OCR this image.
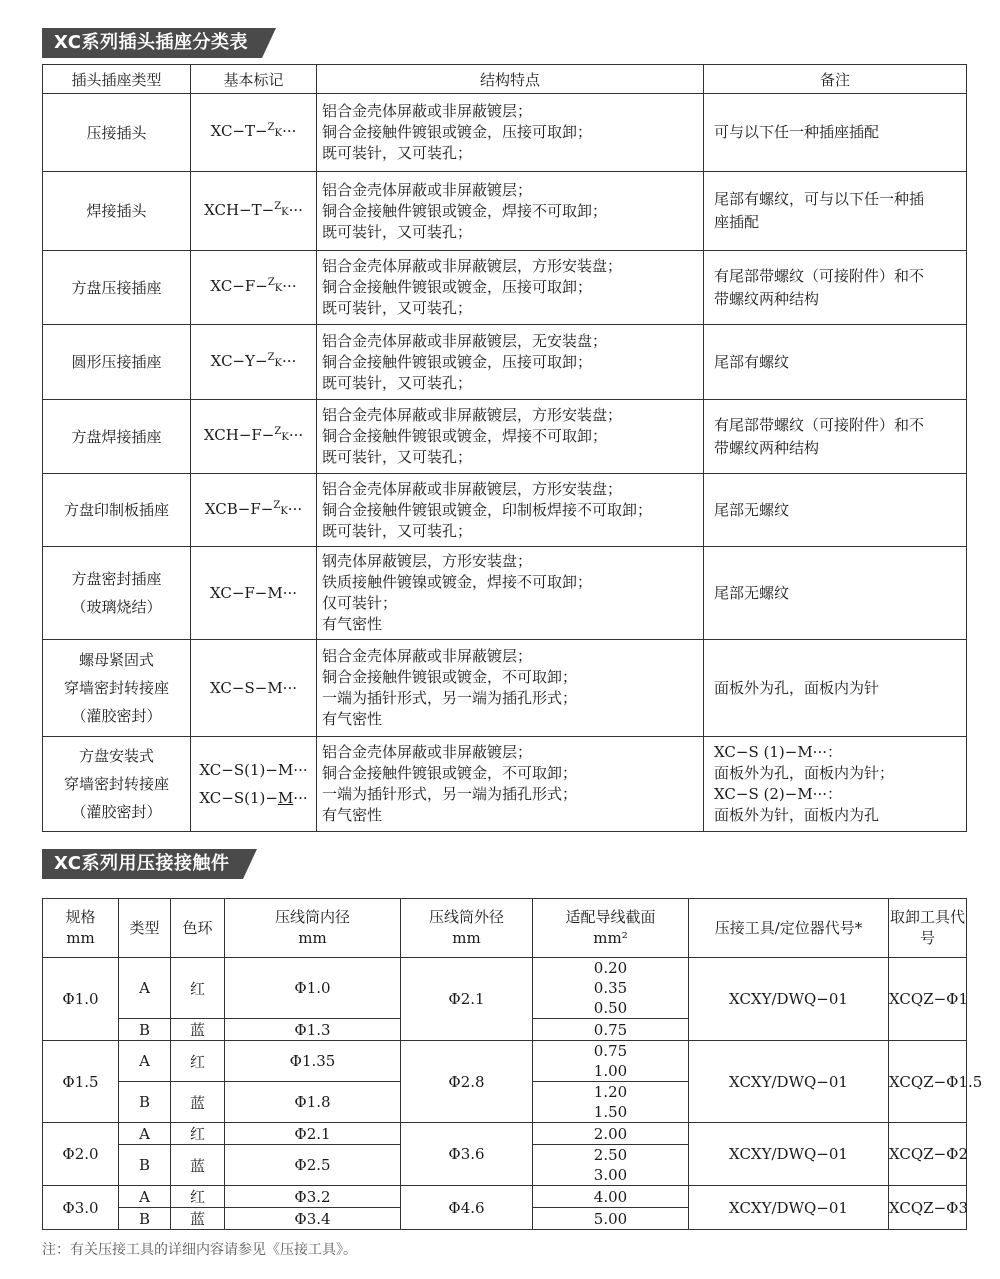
XC系列插头插座分类表
插头插座类型	基本标记	结构特点	备注

压接插头	XC−T−$^Z$K···	铝合金壳体屏蔽或非屏蔽镀层；
铜合金接触件镀银或镀金，压接可取卸；
既可装针，又可装孔；	可与以下任一种插座插配

焊接插头	XCH−T−$^Z$K···	铝合金壳体屏蔽或非屏蔽镀层；
铜合金接触件镀银或镀金，焊接不可取卸；
既可装针，又可装孔；	尾部有螺纹，可与以下任一种插
座插配

方盘压接插座	XC−F−$^Z$K···	铝合金壳体屏蔽或非屏蔽镀层，方形安装盘；
铜合金接触件镀银或镀金，压接可取卸；
既可装针，又可装孔；	有尾部带螺纹（可接附件）和不
带螺纹两种结构

圆形压接插座	XC−Y−$^Z$K···	铝合金壳体屏蔽或非屏蔽镀层，无安装盘；
铜合金接触件镀银或镀金，压接可取卸；
既可装针，又可装孔；	尾部有螺纹

方盘焊接插座	XCH−F−$^Z$K···	铝合金壳体屏蔽或非屏蔽镀层，方形安装盘；
铜合金接触件镀银或镀金，焊接不可取卸；
既可装针，又可装孔；	有尾部带螺纹（可接附件）和不
带螺纹两种结构

方盘印制板插座	XCB−F−$^Z$K···	铝合金壳体屏蔽或非屏蔽镀层，方形安装盘；
铜合金接触件镀银或镀金，印制板焊接不可取卸；
既可装针，又可装孔；	尾部无螺纹

方盘密封插座
（玻璃烧结）	XC−F−M···	钢壳体屏蔽镀层，方形安装盘；
铁质接触件镀镍或镀金，焊接不可取卸；
仅可装针；
有气密性	尾部无螺纹

螺母紧固式
穿墙密封转接座
（灌胶密封）	XC−S−M···	铝合金壳体屏蔽或非屏蔽镀层；
铜合金接触件镀银或镀金，不可取卸；
一端为插针形式，另一端为插孔形式；
有气密性	面板外为孔，面板内为针

方盘安装式
穿墙密封转接座
（灌胶密封）	XC−S(1)−M···
XC−S(1)−M···	铝合金壳体屏蔽或非屏蔽镀层；
铜合金接触件镀银或镀金，不可取卸；
一端为插针形式，另一端为插孔形式；
有气密性	XC−S (1)−M···：
面板外为孔，面板内为针；
XC−S (2)−M···：
面板外为针，面板内为孔
XC系列用压接接触件
规格
mm	类型	色环	压线筒内径
mm	压线筒外径
mm	适配导线截面
mm²	压接工具/定位器代号*	取卸工具代号
Φ1.0	A	红	Φ1.0	Φ2.1	0.20	XCXY/DWQ−01	XCQZ−Φ1
					0.35		
					0.50		
	B	蓝	Φ1.3		0.75		
Φ1.5	A	红	Φ1.35	Φ2.8	0.75	XCXY/DWQ−01	XCQZ−Φ1.5
					1.00		
	B	蓝	Φ1.8		1.20		
					1.50		
Φ2.0	A	红	Φ2.1	Φ3.6	2.00	XCXY/DWQ−01	XCQZ−Φ2
	B	蓝	Φ2.5		2.50		
					3.00		
Φ3.0	A	红	Φ3.2	Φ4.6	4.00	XCXY/DWQ−01	XCQZ−Φ3
	B	蓝	Φ3.4		5.00		
注：有关压接工具的详细内容请参见《压接工具》。
